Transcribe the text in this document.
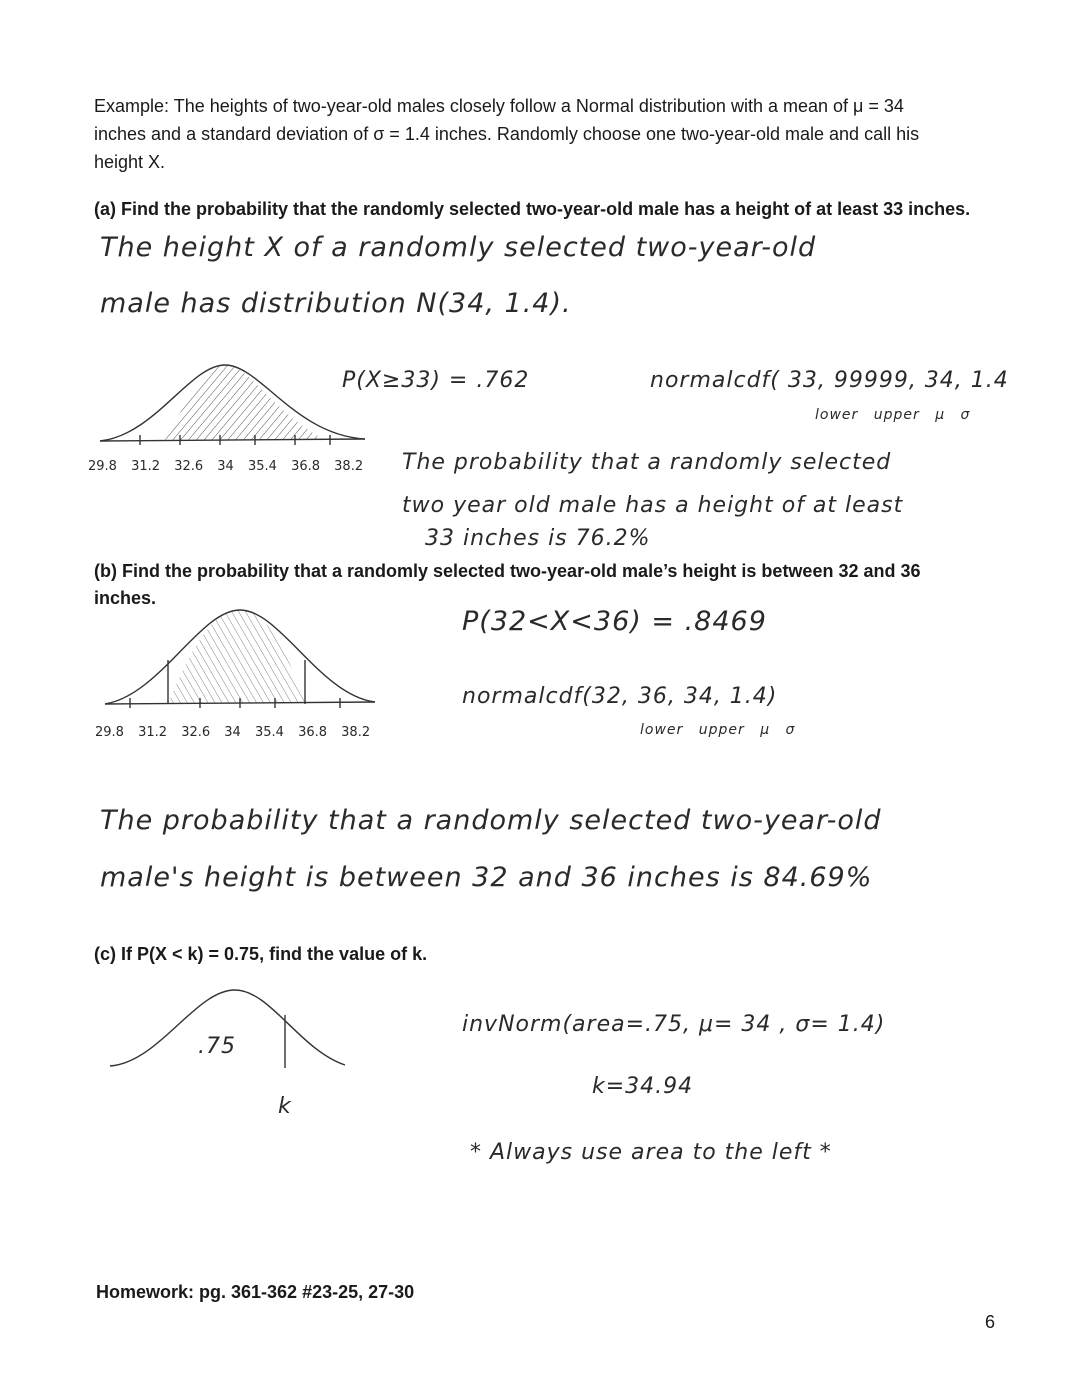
Example: The heights of two-year-old males closely follow a Normal distribution with a mean of μ = 34
inches and a standard deviation of σ = 1.4 inches. Randomly choose one two-year-old male and call his
height X.
(a) Find the probability that the randomly selected two-year-old male has a height of at least 33 inches.
The height X of a randomly selected two-year-old
male has distribution N(34, 1.4).
29.8 31.2 32.6 34 35.4 36.8 38.2
P(X≥33) = .762	normalcdf( 33, 99999, 34, 1.4
lower upper μ σ
The probability that a randomly selected
two year old male has a height of at least
33 inches is 76.2%
(b) Find the probability that a randomly selected two-year-old male’s height is between 32 and 36
inches.
29.8 31.2 32.6 34 35.4 36.8 38.2
P(32<X<36) = .8469
normalcdf(32, 36, 34, 1.4)
lower upper μ σ
The probability that a randomly selected two-year-old
male's height is between 32 and 36 inches is 84.69%
(c) If P(X < k) = 0.75, find the value of k.
.75
k
invNorm(area=.75, μ= 34 , σ= 1.4)
k=34.94
* Always use area to the left *
Homework: pg. 361-362 #23-25, 27-30
6
